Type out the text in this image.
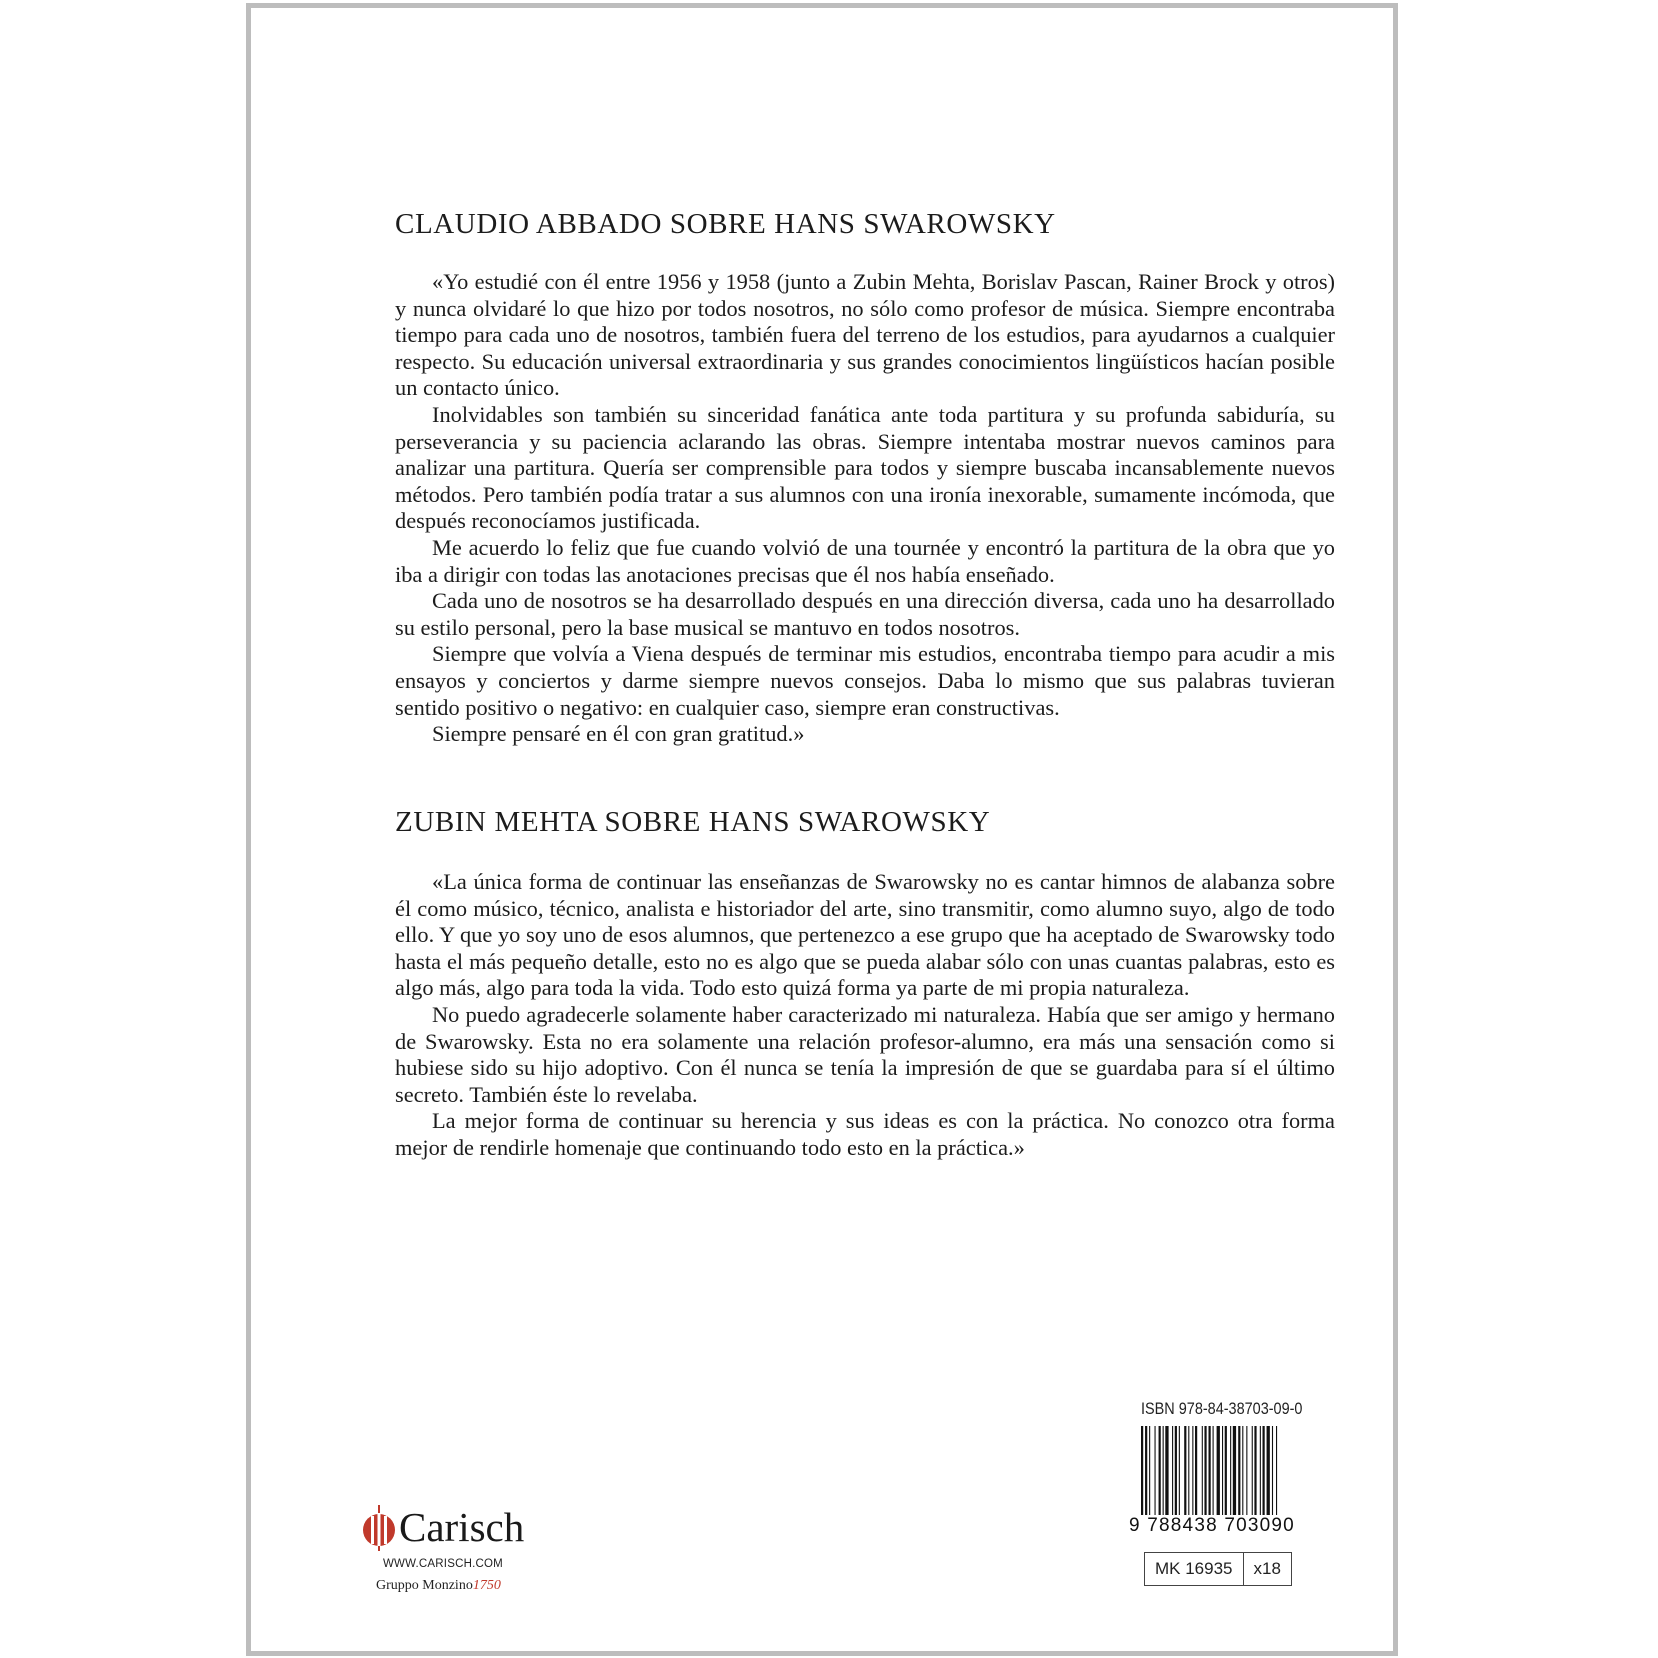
CLAUDIO ABBADO SOBRE HANS SWAROWSKY

«Yo estudié con él entre 1956 y 1958 (junto a Zubin Mehta, Borislav Pascan, Rainer Brock y otros) y nunca olvidaré lo que hizo por todos nosotros, no sólo como profesor de música. Siempre encontraba tiempo para cada uno de nosotros, también fuera del terreno de los estudios, para ayudarnos a cualquier respecto. Su educación universal extraordinaria y sus grandes conocimientos lingüísticos hacían posible un contacto único.

Inolvidables son también su sinceridad fanática ante toda partitura y su profunda sabiduría, su perseverancia y su paciencia aclarando las obras. Siempre intentaba mostrar nuevos caminos para analizar una partitura. Quería ser comprensible para todos y siempre buscaba incansablemente nuevos métodos. Pero también podía tratar a sus alumnos con una ironía inexorable, sumamente incómoda, que después reconocíamos justificada.

Me acuerdo lo feliz que fue cuando volvió de una tournée y encontró la partitura de la obra que yo iba a dirigir con todas las anotaciones precisas que él nos había enseñado.

Cada uno de nosotros se ha desarrollado después en una dirección diversa, cada uno ha desarrollado su estilo personal, pero la base musical se mantuvo en todos nosotros.

Siempre que volvía a Viena después de terminar mis estudios, encontraba tiempo para acudir a mis ensayos y conciertos y darme siempre nuevos consejos. Daba lo mismo que sus palabras tuvieran sentido positivo o negativo: en cualquier caso, siempre eran constructivas.

Siempre pensaré en él con gran gratitud.»

ZUBIN MEHTA SOBRE HANS SWAROWSKY

«La única forma de continuar las enseñanzas de Swarowsky no es cantar himnos de alabanza sobre él como músico, técnico, analista e historiador del arte, sino transmitir, como alumno suyo, algo de todo ello. Y que yo soy uno de esos alumnos, que pertenezco a ese grupo que ha aceptado de Swarowsky todo hasta el más pequeño detalle, esto no es algo que se pueda alabar sólo con unas cuantas palabras, esto es algo más, algo para toda la vida. Todo esto quizá forma ya parte de mi propia naturaleza.

No puedo agradecerle solamente haber caracterizado mi naturaleza. Había que ser amigo y hermano de Swarowsky. Esta no era solamente una relación profesor-alumno, era más una sensación como si hubiese sido su hijo adoptivo. Con él nunca se tenía la impresión de que se guardaba para sí el último secreto. También éste lo revelaba.

La mejor forma de continuar su herencia y sus ideas es con la práctica. No conozco otra forma mejor de rendirle homenaje que continuando todo esto en la práctica.»

Carisch
WWW.CARISCH.COM
Gruppo Monzino1750
ISBN 978-84-38703-09-0
9 788438 703090
MK 16935	x18
